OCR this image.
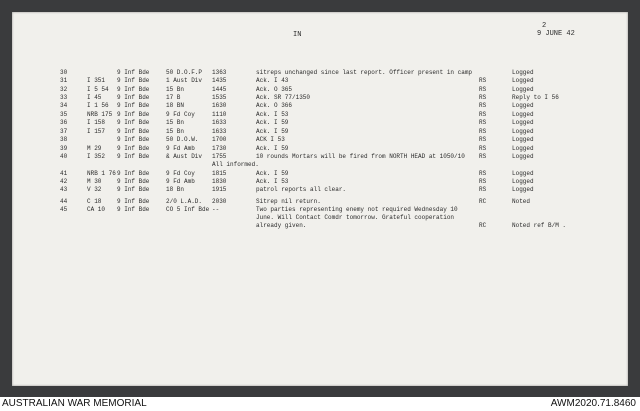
IN
2
9 JUNE 42
30	9 Inf Bde	50 D.O.F.P 1363	sitreps unchanged since last report. Officer present in camp	Logged
31	I 351 9 Inf Bde	1 Aust Div 1435	Ack. I 43	RS	Logged
32	I 5 54 9 Inf Bde	15 Bn	1445	Ack. O 365	RS	Logged
33	I 45	9 Inf Bde	17 B	1535	Ack. SR 77/1350	RS	Reply to I 56
34	I 1 56 9 Inf Bde	18 BN	1630	Ack. O 366	RS	Logged
35	NRB 175 9 Inf Bde	9 Fd Coy	1110	Ack. I 53	RS	Logged
36	I 158 9 Inf Bde	15 Bn	1633	Ack. I 59	RS	Logged
37	I 157 9 Inf Bde	15 Bn	1633	Ack. I 59	RS	Logged
38	9 Inf Bde	50 D.O.W. 1700	ACK I 53	RS	Logged
39	M 29	9 Inf Bde	9 Fd Amb	1730	Ack. I 59	RS	Logged
40	I 352 9 Inf Bde	& Aust Div 1755	10 rounds Mortars will be fired from NORTH HEAD at 1050/10 RS	Logged
All informed.
41	NRB 1 76 9 Inf Bde	9 Fd Coy	1815	Ack. I 59	RS	Logged
42	M 30	9 Inf Bde	9 Fd Amb	1830	Ack. I 53	RS	Logged
43	V 32	9 Inf Bde	18 Bn	1915	patrol reports all clear.	RS	Logged
44	C 18	9 Inf Bde	2/0 L.A.D. 2030	Sitrep nil return.	RC	Noted
45	CA 10 9 Inf Bde	CO 5 Inf Bde --	Two parties representing enemy not required Wednesday 10
June. Will Contact Comdr tomorrow. Grateful cooperation
already given.	RC	Noted ref B/M .
AUSTRALIAN WAR MEMORIAL	AWM2020.71.8460
